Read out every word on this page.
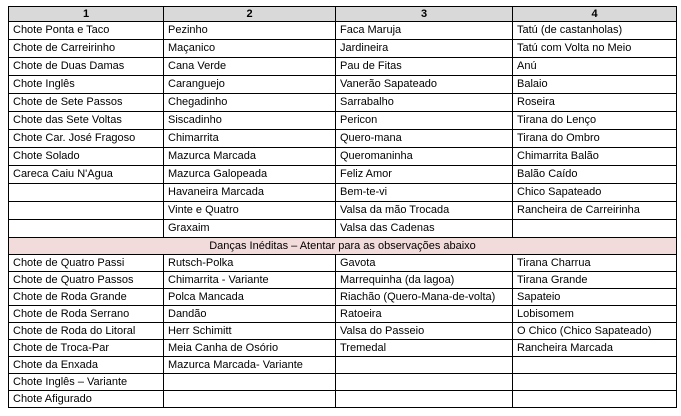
1	2	3	4
Chote Ponta e Taco	Pezinho	Faca Maruja	Tatú (de castanholas)
Chote de Carreirinho	Maçanico	Jardineira	Tatú com Volta no Meio
Chote de Duas Damas	Cana Verde	Pau de Fitas	Anú
Chote Inglês	Caranguejo	Vanerão Sapateado	Balaio
Chote de Sete Passos	Chegadinho	Sarrabalho	Roseira
Chote das Sete Voltas	Siscadinho	Pericon	Tirana do Lenço
Chote Car. José Fragoso	Chimarrita	Quero-mana	Tirana do Ombro
Chote Solado	Mazurca Marcada	Queromaninha	Chimarrita Balão
Careca Caiu N'Agua	Mazurca Galopeada	Feliz Amor	Balão Caído
	Havaneira Marcada	Bem-te-vi	Chico Sapateado
	Vinte e Quatro	Valsa da mão Trocada	Rancheira de Carreirinha
	Graxaim	Valsa das Cadenas	
Danças Inéditas – Atentar para as observações abaixo			
Chote de Quatro Passi	Rutsch-Polka	Gavota	Tirana Charrua
Chote de Quatro Passos	Chimarrita - Variante	Marrequinha (da lagoa)	Tirana Grande
Chote de Roda Grande	Polca Mancada	Riachão (Quero-Mana-de-volta)	Sapateio
Chote de Roda Serrano	Dandão	Ratoeira	Lobisomem
Chote de Roda do Litoral	Herr Schimitt	Valsa do Passeio	O Chico (Chico Sapateado)
Chote de Troca-Par	Meia Canha de Osório	Tremedal	Rancheira Marcada
Chote da Enxada	Mazurca Marcada- Variante		
Chote Inglês – Variante			
Chote Afigurado			
